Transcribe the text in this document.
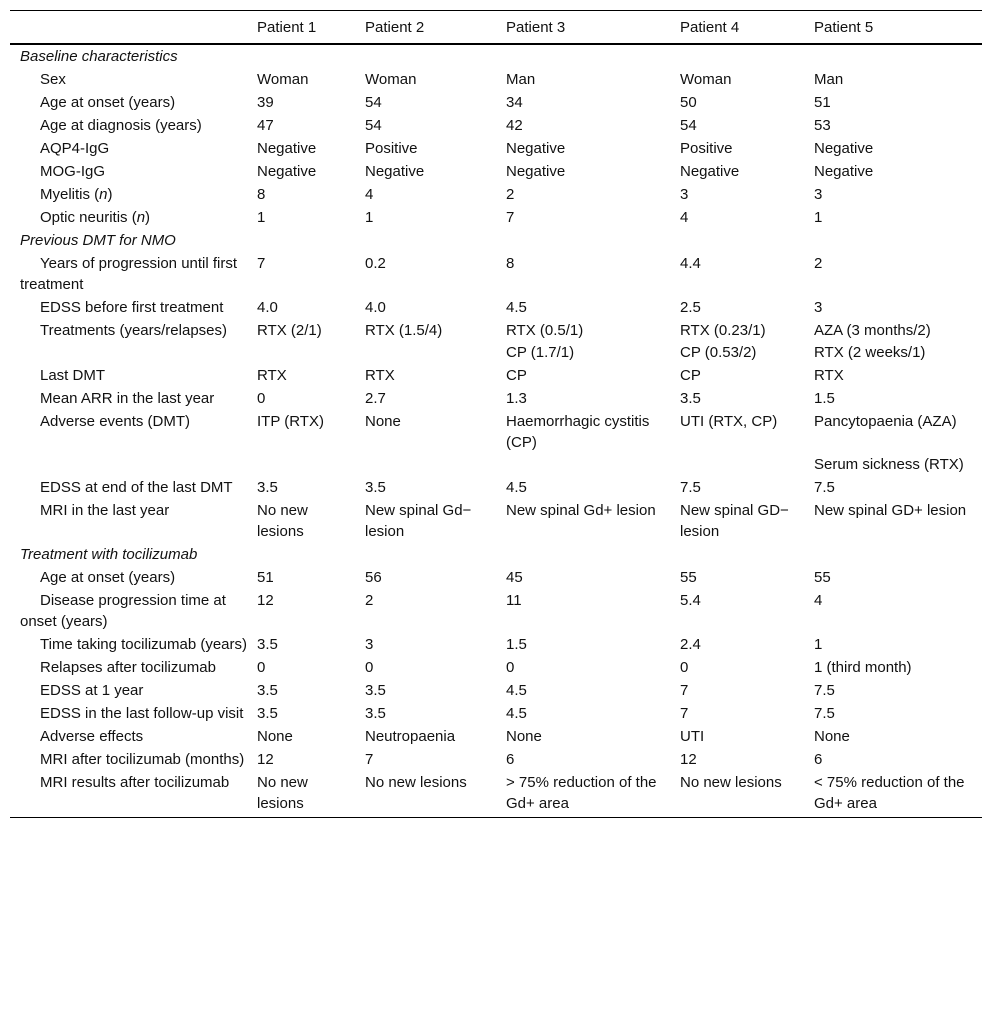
	Patient 1	Patient 2	Patient 3	Patient 4	Patient 5
Baseline characteristics					
Sex	Woman	Woman	Man	Woman	Man
Age at onset (years)	39	54	34	50	51
Age at diagnosis (years)	47	54	42	54	53
AQP4-IgG	Negative	Positive	Negative	Positive	Negative
MOG-IgG	Negative	Negative	Negative	Negative	Negative
Myelitis (n)	8	4	2	3	3
Optic neuritis (n)	1	1	7	4	1
Previous DMT for NMO					
Years of progression until first treatment	7	0.2	8	4.4	2
EDSS before first treatment	4.0	4.0	4.5	2.5	3
Treatments (years/relapses)	RTX (2/1)	RTX (1.5/4)	RTX (0.5/1)	RTX (0.23/1)	AZA (3 months/2)
			CP (1.7/1)	CP (0.53/2)	RTX (2 weeks/1)
Last DMT	RTX	RTX	CP	CP	RTX
Mean ARR in the last year	0	2.7	1.3	3.5	1.5
Adverse events (DMT)	ITP (RTX)	None	Haemorrhagic cystitis (CP)	UTI (RTX, CP)	Pancytopaenia (AZA)
					Serum sickness (RTX)
EDSS at end of the last DMT	3.5	3.5	4.5	7.5	7.5
MRI in the last year	No new lesions	New spinal Gd− lesion	New spinal Gd+ lesion	New spinal GD− lesion	New spinal GD+ lesion
Treatment with tocilizumab					
Age at onset (years)	51	56	45	55	55
Disease progression time at onset (years)	12	2	11	5.4	4
Time taking tocilizumab (years)	3.5	3	1.5	2.4	1
Relapses after tocilizumab	0	0	0	0	1 (third month)
EDSS at 1 year	3.5	3.5	4.5	7	7.5
EDSS in the last follow-up visit	3.5	3.5	4.5	7	7.5
Adverse effects	None	Neutropaenia	None	UTI	None
MRI after tocilizumab (months)	12	7	6	12	6
MRI results after tocilizumab	No new lesions	No new lesions	> 75% reduction of the Gd+ area	No new lesions	< 75% reduction of the Gd+ area
